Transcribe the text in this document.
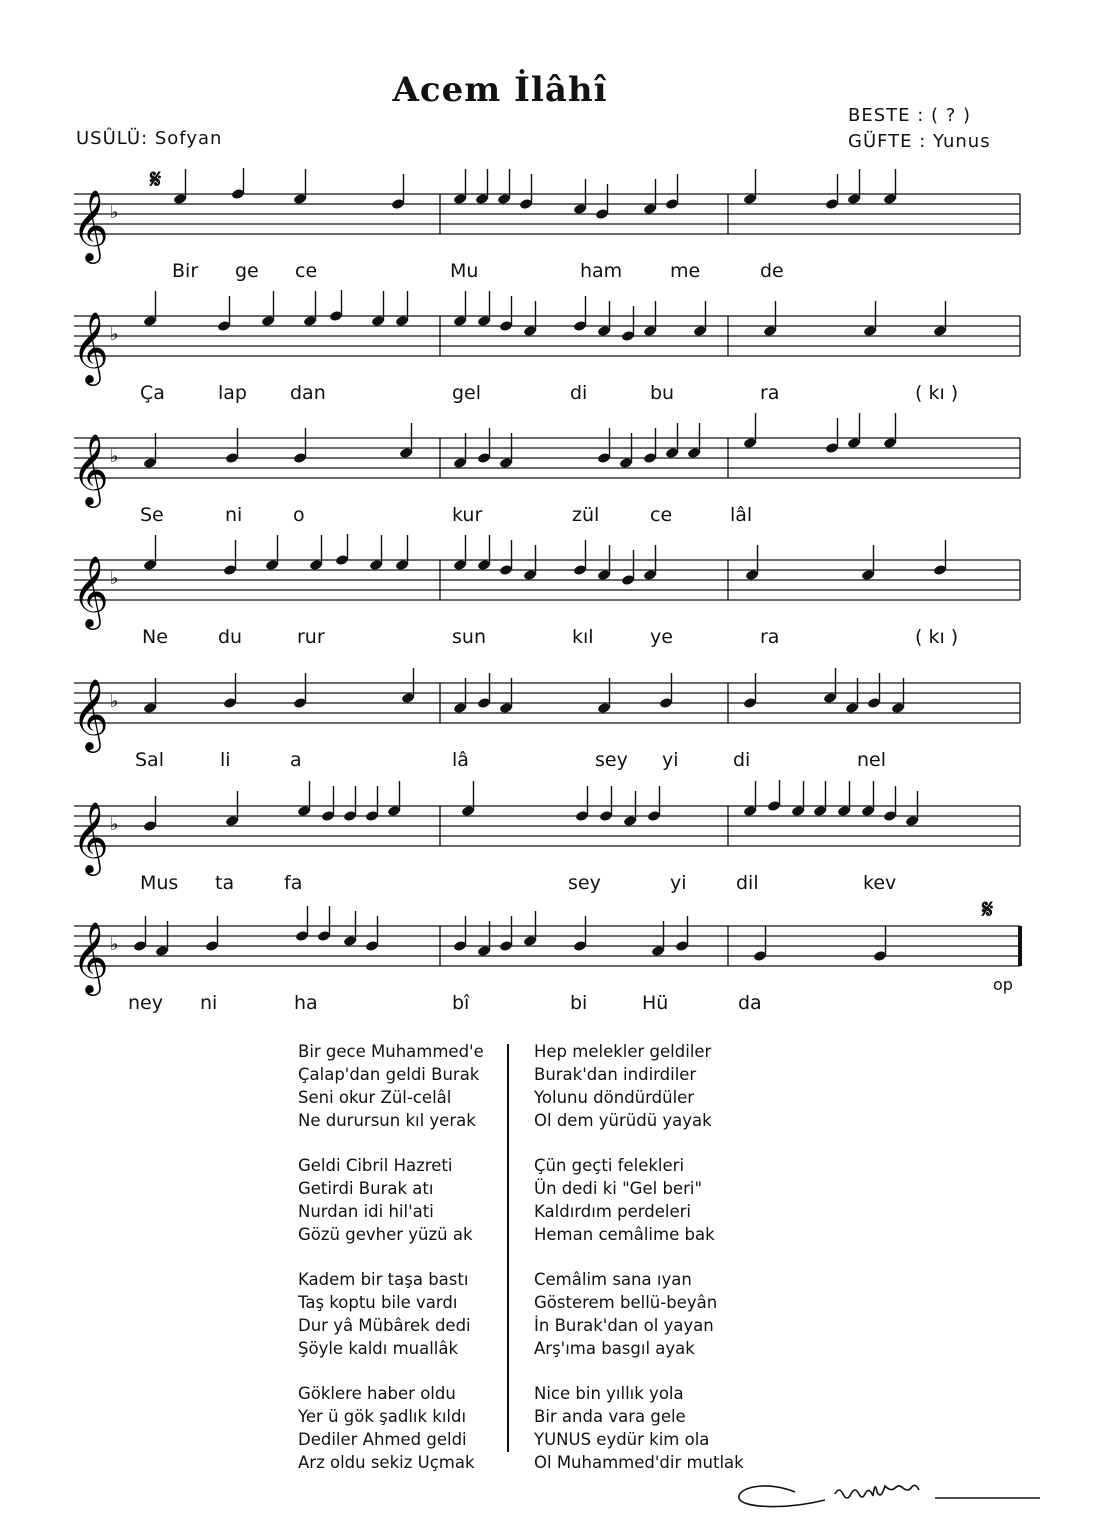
Acem İlâhî
USÛLÜ: Sofyan
BESTE : ( ? )
GÜFTE : Yunus
𝄞 ♭
Bir ge ce	Mu	ham	me	de
𝄞 ♭
Ça	lap dan	gel	di	bu	ra	( kı )
𝄞 ♭
Se	ni	o	kur	zül	ce	lâl
𝄞 ♭
Ne	du	rur	sun	kıl	ye	ra	( kı )
𝄞 ♭
Sal	li	a	lâ	sey yi	di	nel
𝄞 ♭
Mus ta	fa	sey	yi	dil	kev
𝄞 ♭
ney ni	ha	bî	bi	Hü	da
op
Bir gece Muhammed'e
Çalap'dan geldi Burak
Seni okur Zül-celâl
Ne durursun kıl yerak
Geldi Cibril Hazreti
Getirdi Burak atı
Nurdan idi hil'ati
Gözü gevher yüzü ak
Kadem bir taşa bastı
Taş koptu bile vardı
Dur yâ Mübârek dedi
Şöyle kaldı muallâk
Göklere haber oldu
Yer ü gök şadlık kıldı
Dediler Ahmed geldi
Arz oldu sekiz Uçmak
Hep melekler geldiler
Burak'dan indirdiler
Yolunu döndürdüler
Ol dem yürüdü yayak
Çün geçti felekleri
Ün dedi ki "Gel beri"
Kaldırdım perdeleri
Heman cemâlime bak
Cemâlim sana ıyan
Gösterem bellü-beyân
İn Burak'dan ol yayan
Arş'ıma basgıl ayak
Nice bin yıllık yola
Bir anda vara gele
YUNUS eydür kim ola
Ol Muhammed'dir mutlak
𝄋
𝄋
